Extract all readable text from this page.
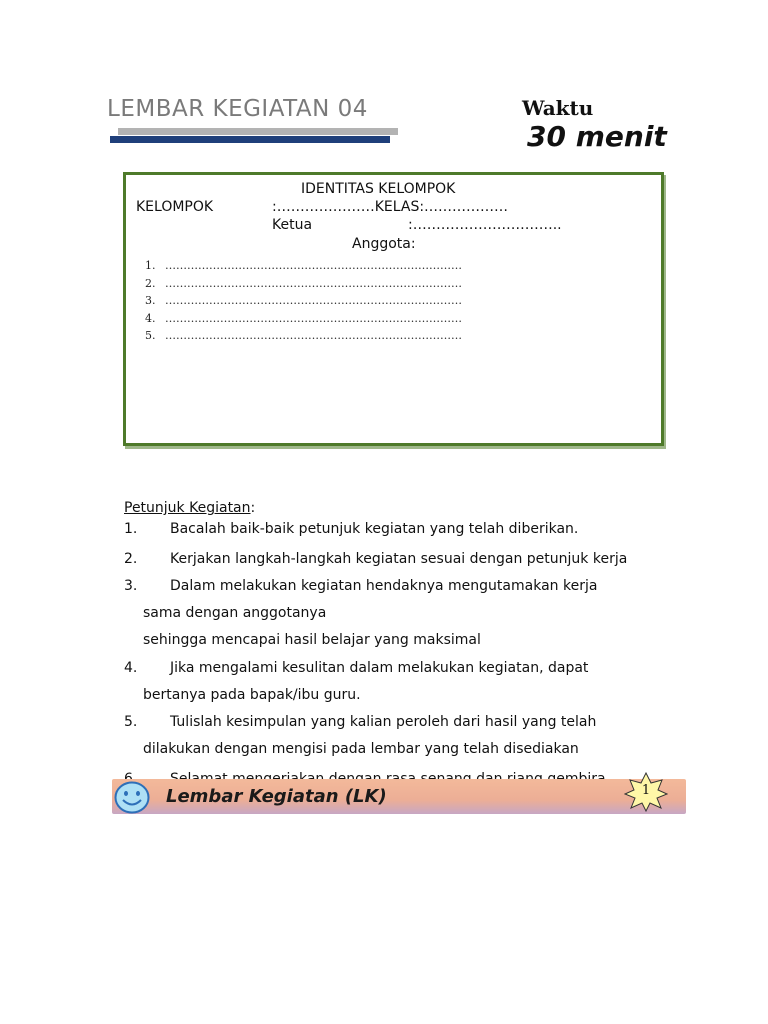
LEMBAR KEGIATAN 04	Waktu
30 menit
IDENTITAS KELOMPOK
KELOMPOK	:…………………KELAS:………………
Ketua	:…………………………..
Anggota:
1. ………………………………………………………………………
2. ………………………………………………………………………
3. ………………………………………………………………………
4. ………………………………………………………………………
5. ………………………………………………………………………
Petunjuk Kegiatan:
1. Bacalah baik-baik petunjuk kegiatan yang telah diberikan.
2. Kerjakan langkah-langkah kegiatan sesuai dengan petunjuk kerja
3. Dalam melakukan kegiatan hendaknya mengutamakan kerja
sama dengan anggotanya
sehingga mencapai hasil belajar yang maksimal
4. Jika mengalami kesulitan dalam melakukan kegiatan, dapat
bertanya pada bapak/ibu guru.
5. Tulislah kesimpulan yang kalian peroleh dari hasil yang telah
dilakukan dengan mengisi pada lembar yang telah disediakan
Lembar Kegiatan (LK)	1
